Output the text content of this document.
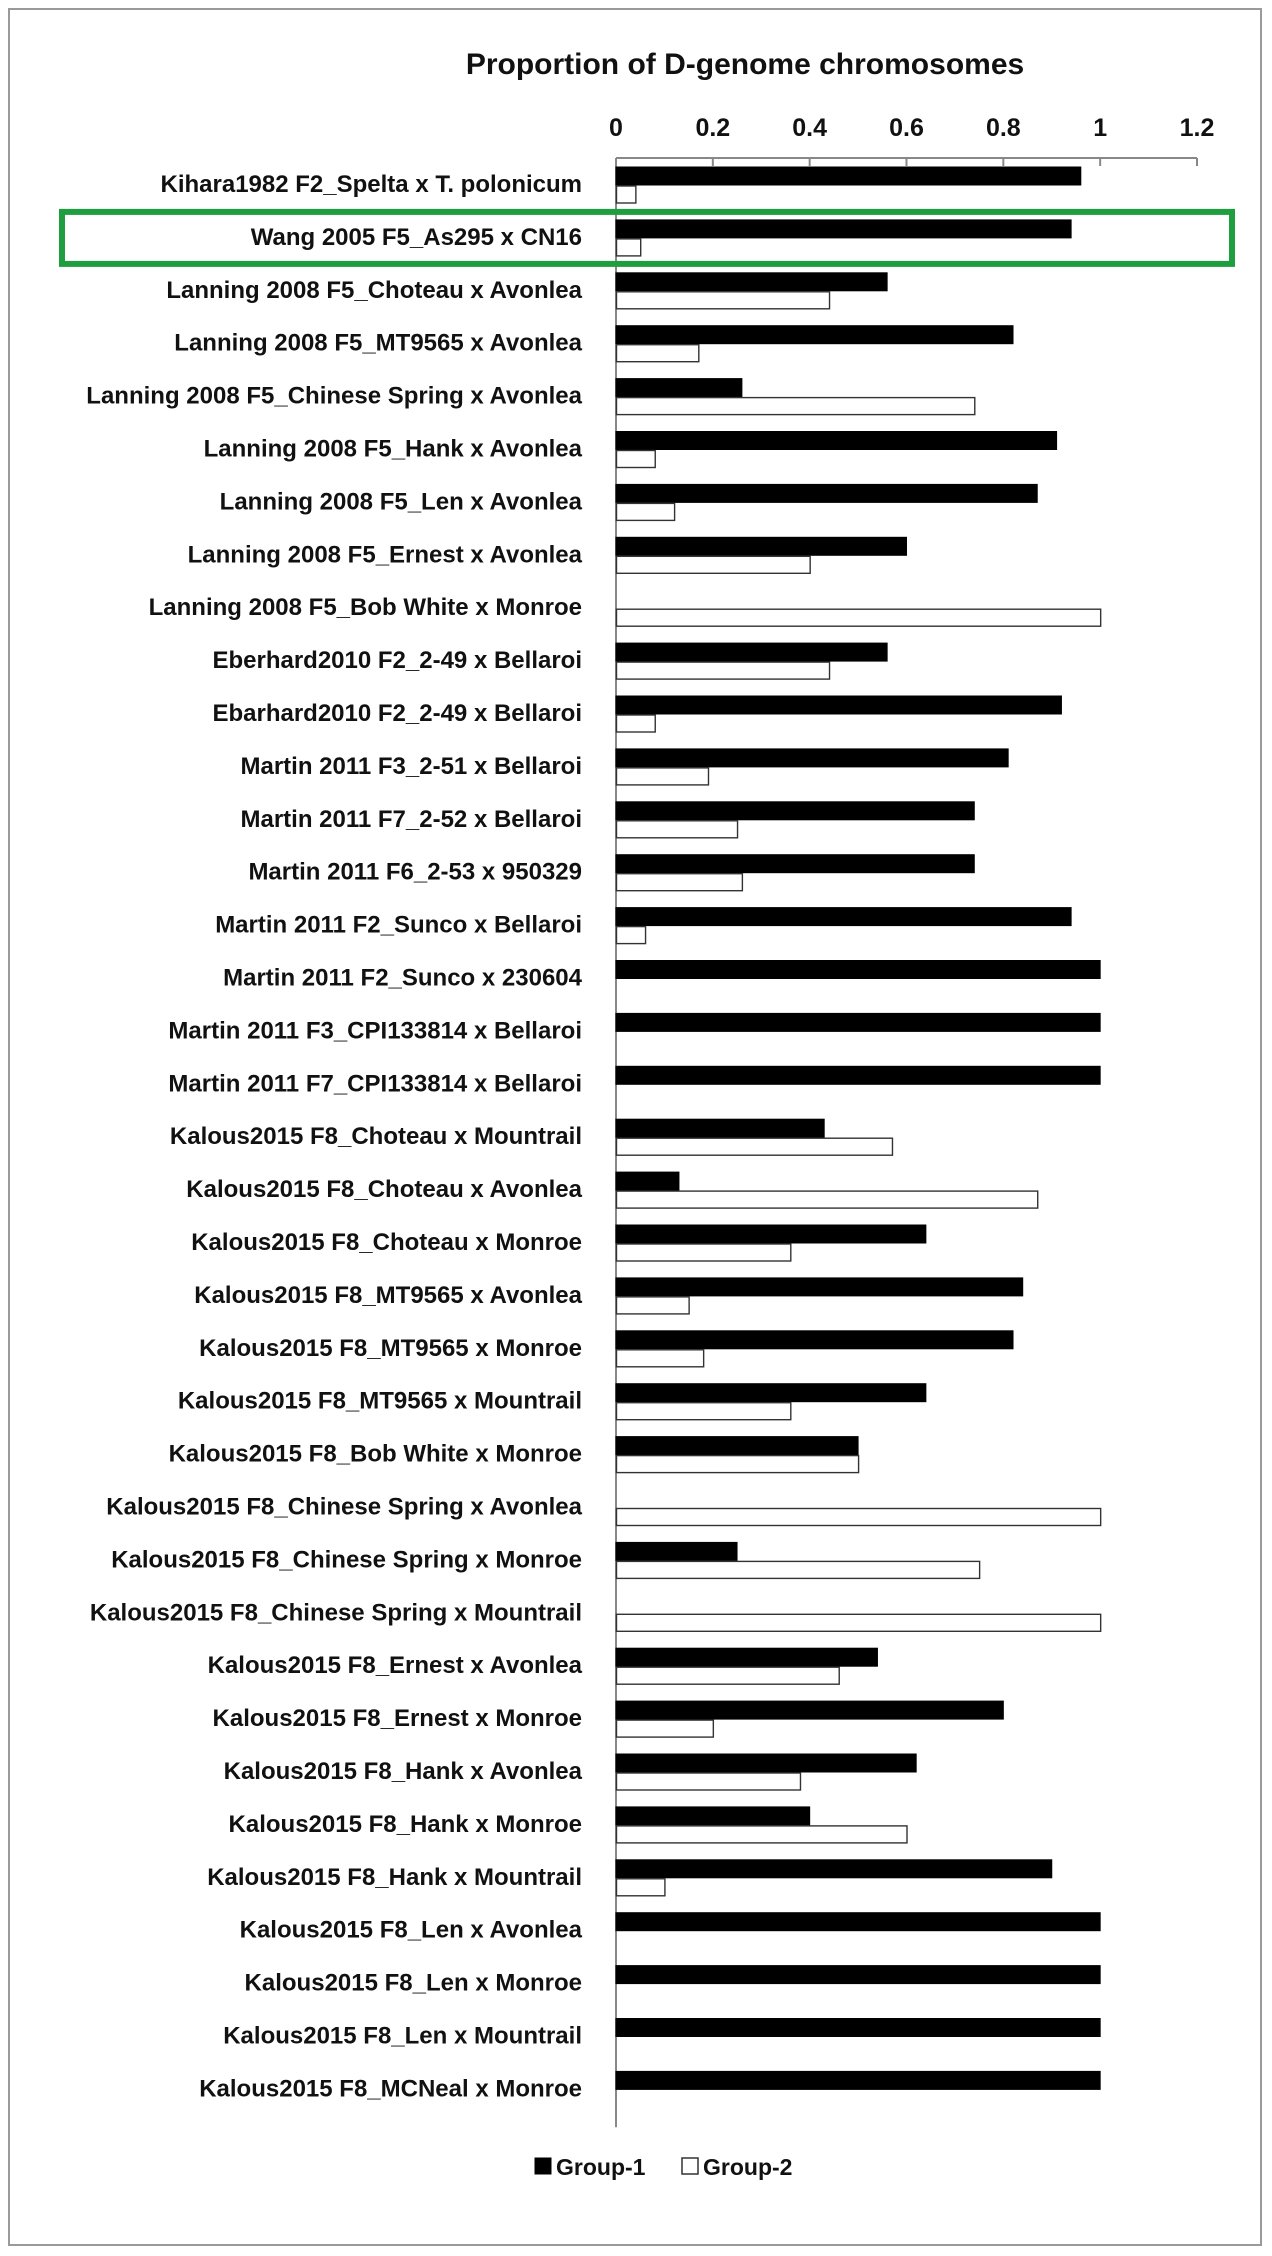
Proportion of D-genome chromosomes
0	0.2 0.4 0.6 0.8	1	1.2
Kihara1982 F2_Spelta x T. polonicum
Wang 2005 F5_As295 x CN16
Lanning 2008 F5_Choteau x Avonlea
Lanning 2008 F5_MT9565 x Avonlea
Lanning 2008 F5_Chinese Spring x Avonlea
Lanning 2008 F5_Hank x Avonlea
Lanning 2008 F5_Len x Avonlea
Lanning 2008 F5_Ernest x Avonlea
Lanning 2008 F5_Bob White x Monroe
Eberhard2010 F2_2-49 x Bellaroi
Ebarhard2010 F2_2-49 x Bellaroi
Martin 2011 F3_2-51 x Bellaroi
Martin 2011 F7_2-52 x Bellaroi
Martin 2011 F6_2-53 x 950329
Martin 2011 F2_Sunco x Bellaroi
Martin 2011 F2_Sunco x 230604
Martin 2011 F3_CPI133814 x Bellaroi
Martin 2011 F7_CPI133814 x Bellaroi
Kalous2015 F8_Choteau x Mountrail
Kalous2015 F8_Choteau x Avonlea
Kalous2015 F8_Choteau x Monroe
Kalous2015 F8_MT9565 x Avonlea
Kalous2015 F8_MT9565 x Monroe
Kalous2015 F8_MT9565 x Mountrail
Kalous2015 F8_Bob White x Monroe
Kalous2015 F8_Chinese Spring x Avonlea
Kalous2015 F8_Chinese Spring x Monroe
Kalous2015 F8_Chinese Spring x Mountrail
Kalous2015 F8_Ernest x Avonlea
Kalous2015 F8_Ernest x Monroe
Kalous2015 F8_Hank x Avonlea
Kalous2015 F8_Hank x Monroe
Kalous2015 F8_Hank x Mountrail
Kalous2015 F8_Len x Avonlea
Kalous2015 F8_Len x Monroe
Kalous2015 F8_Len x Mountrail
Kalous2015 F8_MCNeal x Monroe
Group-1	Group-2
